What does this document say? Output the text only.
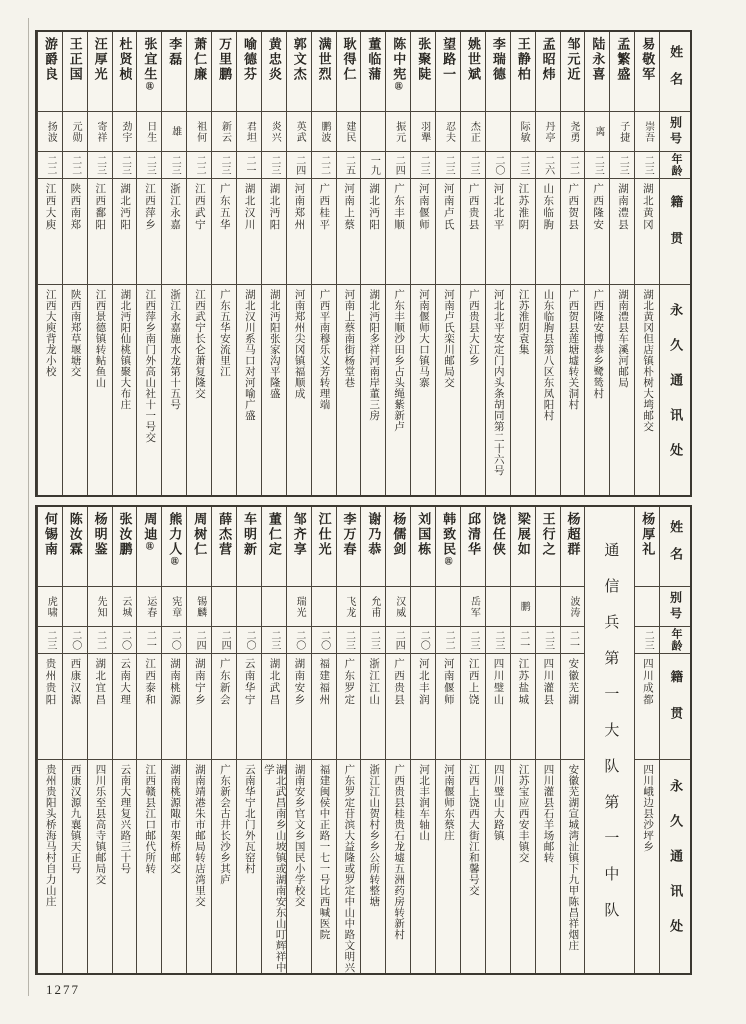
姓名
别号
年龄
籍贯
永久通讯处
易敬军
崇吾
二三
湖北黄冈
湖北黄冈但店镇朴树大塆邮交
孟繁盛
子捷
二三
湖南澧县
湖南澧县车溪河邮局
陆永喜
离
二三
广西隆安
广西隆安博恭乡鹭鸶村
邹元近
尧勇
二二
广西贺县
广西贺县莲塘墟转关洞村
孟昭炜
丹亭
二六
山东临朐
山东临朐县第八区东凤阳村
王静柏
际敏
二三
江苏淮阴
江苏淮阴袁集
李瑞德
二〇
河北北平
河北北平安定门内头条胡同第二十六号
姚世斌
杰正
二三
广西贵县
广西贵县大江乡
望路一
忍夫
二三
河南卢氏
河南卢氏栾川邮局交
张聚陡
羽犟
二三
河南偃师
河南偃师大口镇马寨
陈中宪㊟
振元
二四
广东丰顺
广东丰顺沙田乡占头绳紫新卢
董临蒲
一九
湖北沔阳
湖北沔阳多祥河南岸董三房
耿得仁
建民
二五
河南上蔡
河南上蔡南街杨堂巷
满世烈
鹏波
二二
广西桂平
广西平南穆乐义芳转理端
郭文杰
英武
二四
河南郑州
河南郑州尖冈镇福顺成
黄忠炎
炎兴
二三
湖北沔阳
湖北沔阳张家沟平隆盛
喻德芬
君坦
二一
湖北汉川
湖北汉川系马口对河喻广盛
万里鹏
新云
二三
广东五华
广东五华安流里江
萧仁廉
祖何
二二
江西武宁
江西武宁长仑萧复隆交
李磊
雄
二三
浙江永嘉
浙江永嘉施水龙第十五号
张宜生㊟
日生
二三
江西萍乡
江西萍乡南门外高山社十一号交
杜贤桢
劲宇
二三
湖北沔阳
湖北沔阳仙桃镇聚大布庄
汪厚光
寄祥
二三
江西鄱阳
江西景德镇转鲇鱼山
王正国
元勋
二二
陕西南郑
陕西南郑草堰塘交
游爵良
扬波
二二
江西大庾
江西大庾背龙小校
姓名
别号
年龄
籍贯
永久通讯处
杨厚礼
二三
四川成都
四川峨边县沙坪乡
通信兵第一大队第一中队
杨超群
波涛
二一
安徽芜湖
安徽芜湖宣城湾沚镇下九甲陈昌祥烟庄
王行之
二三
四川灌县
四川灌县石羊场邮转
梁展如
鹏
二一
江苏盐城
江苏宝应西安丰镇交
饶任侠
二三
四川璧山
四川璧山大路镇
邱清华
岳军
二三
江西上饶
江西上饶西大街江和馨号交
韩致民㊟
二二
河南偃师
河南偃师东蔡庄
刘国栋
二〇
河北丰润
河北丰润车轴山
杨儒剑
汉威
二四
广西贵县
广西贵县桂贵石龙墟五洲药房转新村
谢乃恭
允甫
二三
浙江江山
浙江江山贺村乡乡公所转整塘
李万春
飞龙
二三
广东罗定
广东罗定苷滨大益隆或罗定中山中路文明兴
江仕光
二〇
福建福州
福建闽侯中正路一七一号比西喊医院
邹齐享
瑞光
二〇
湖南安乡
湖南安乡官文乡国民小学校交
董仁定
二三
湖北武昌
湖北武昌南乡山坡镇或湖南安东山叮辉祥中学
车明新
二〇
云南华宁
云南华宁北门外瓦窑村
薛杰营
二四
广东新会
广东新会古井长沙乡其庐
周树仁
锡麟
二四
湖南宁乡
湖南靖港朱市邮局转店湾里交
熊力人㊟
宪章
二〇
湖南桃源
湖南桃源陬市架桥邮交
周迪㊟
运春
二一
江西泰和
江西赣县江口邮代所转
张汝鹏
云城
二〇
云南大理
云南大理复兴路三十号
杨明鉴
先知
二二
湖北宜昌
四川乐至县高寺镇邮局交
陈汝霖
二〇
西康汉源
西康汉源九襄镇天正号
何锡南
虎啸
二三
贵州贵阳
贵州贵阳头桥海马村自力山庄
1277
